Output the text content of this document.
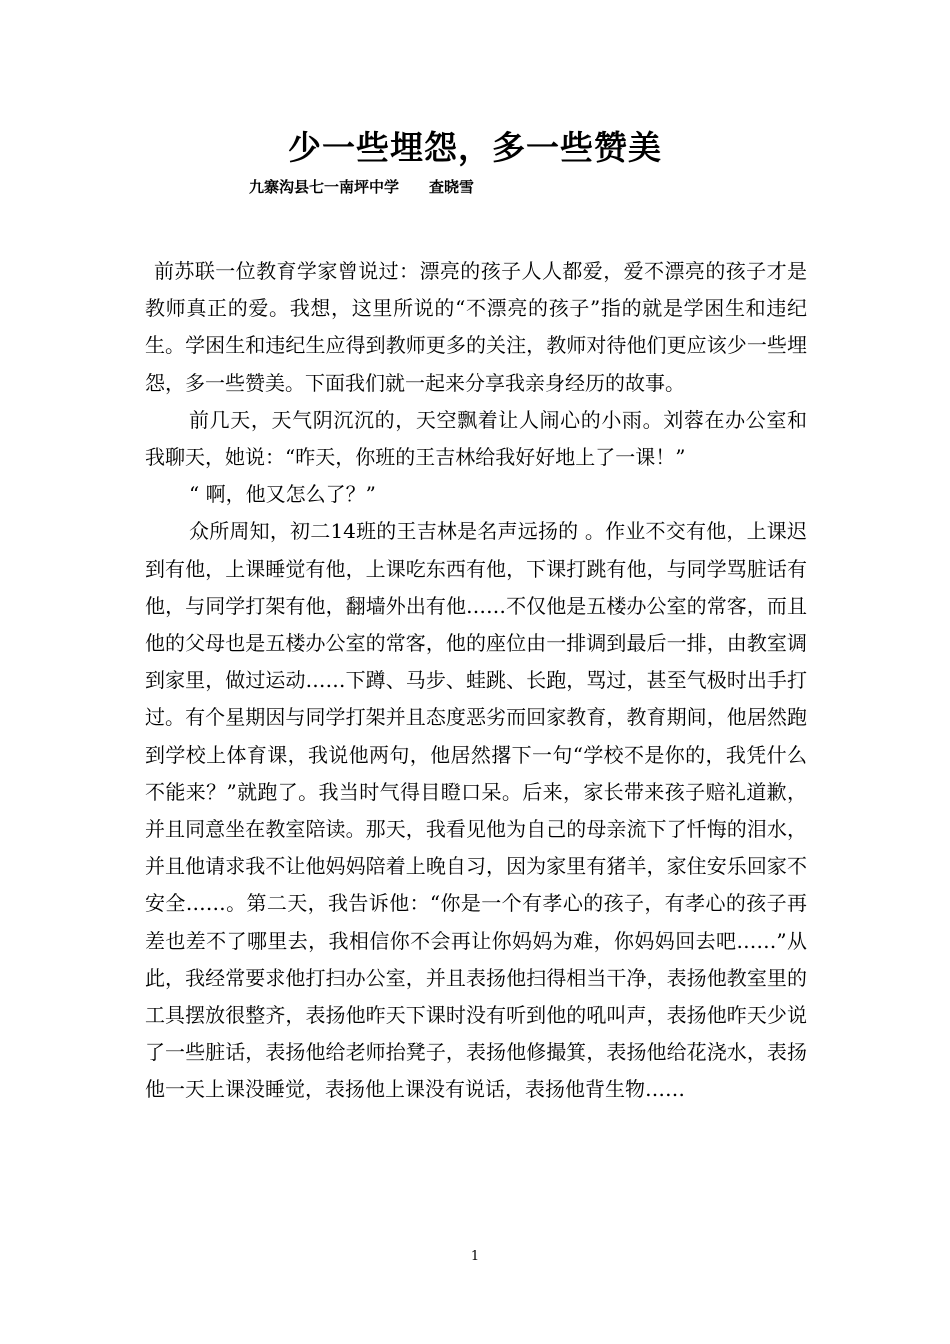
少一些埋怨，多一些赞美
九寨沟县七一南坪中学　　查晓雪

前苏联一位教育学家曾说过：漂亮的孩子人人都爱，爱不漂亮的孩子才是教师真正的爱。我想，这里所说的“不漂亮的孩子”指的就是学困生和违纪生。学困生和违纪生应得到教师更多的关注，教师对待他们更应该少一些埋怨，多一些赞美。下面我们就一起来分享我亲身经历的故事。

前几天，天气阴沉沉的，天空飘着让人闹心的小雨。刘蓉在办公室和我聊天，她说：“昨天，你班的王吉林给我好好地上了一课！”

“ 啊，他又怎么了？”

众所周知，初二14班的王吉林是名声远扬的 。作业不交有他，上课迟到有他，上课睡觉有他，上课吃东西有他，下课打跳有他，与同学骂脏话有他，与同学打架有他，翻墙外出有他……不仅他是五楼办公室的常客，而且他的父母也是五楼办公室的常客，他的座位由一排调到最后一排，由教室调到家里，做过运动……下蹲、马步、蛙跳、长跑，骂过，甚至气极时出手打过。有个星期因与同学打架并且态度恶劣而回家教育，教育期间，他居然跑到学校上体育课，我说他两句，他居然撂下一句“学校不是你的，我凭什么不能来？”就跑了。我当时气得目瞪口呆。后来，家长带来孩子赔礼道歉，并且同意坐在教室陪读。那天，我看见他为自己的母亲流下了忏悔的泪水，并且他请求我不让他妈妈陪着上晚自习，因为家里有猪羊，家住安乐回家不安全……。第二天，我告诉他：“你是一个有孝心的孩子，有孝心的孩子再差也差不了哪里去，我相信你不会再让你妈妈为难，你妈妈回去吧……”从此，我经常要求他打扫办公室，并且表扬他扫得相当干净，表扬他教室里的工具摆放很整齐，表扬他昨天下课时没有听到他的吼叫声，表扬他昨天少说了一些脏话，表扬他给老师抬凳子，表扬他修撮箕，表扬他给花浇水，表扬他一天上课没睡觉，表扬他上课没有说话，表扬他背生物……

1
